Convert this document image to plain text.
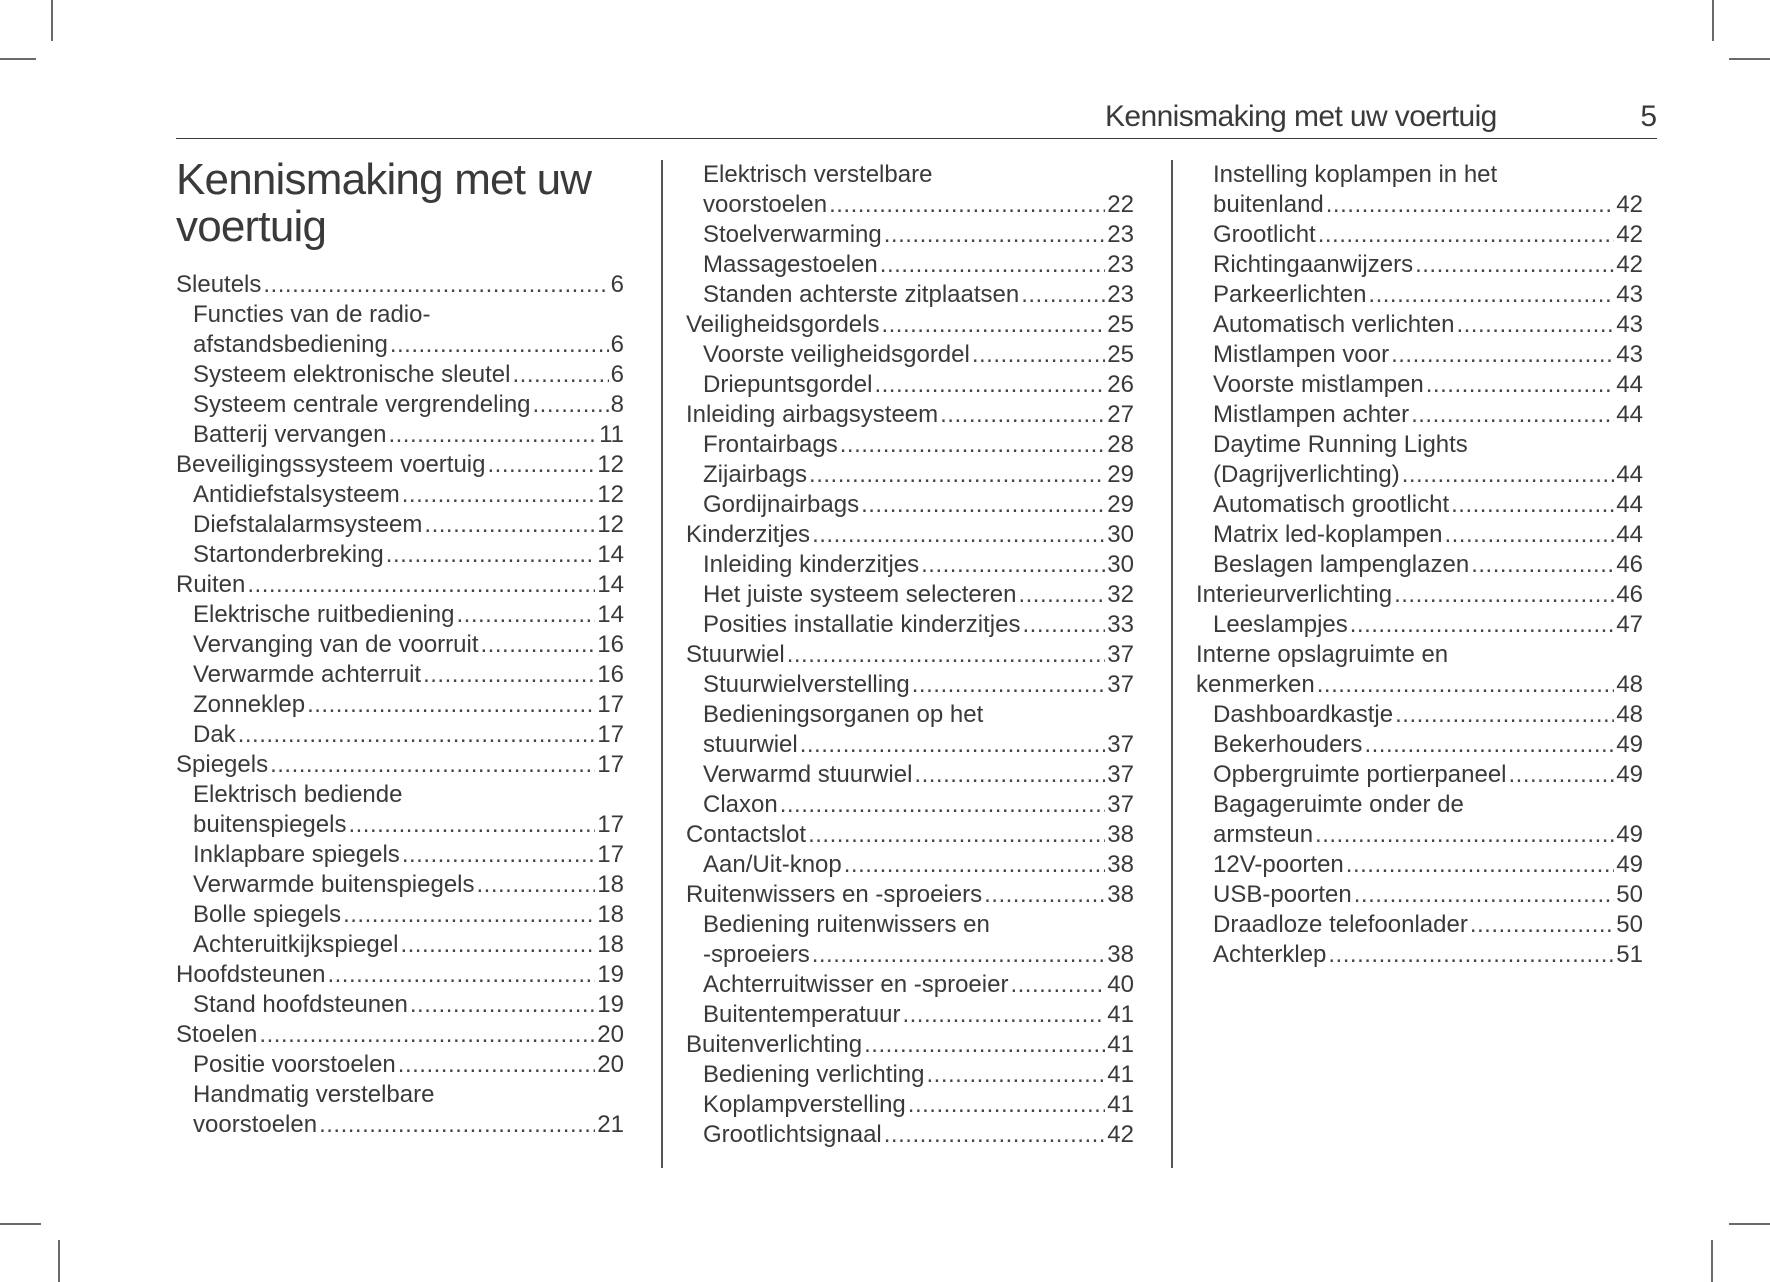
Kennismaking met uw voertuig	5
Kennismaking met uw voertuig
Sleutels .....	6
Functies van de radio-
afstandsbediening .....	6
Systeem elektronische sleutel .....	6
Systeem centrale vergrendeling .....	8
Batterij vervangen .....	11
Beveiligingssysteem voertuig .....	12
Antidiefstalsysteem .....	12
Diefstalalarmsysteem .....	12
Startonderbreking .....	14
Ruiten .....	14
Elektrische ruitbediening .....	14
Vervanging van de voorruit .....	16
Verwarmde achterruit .....	16
Zonneklep .....	17
Dak .....	17
Spiegels .....	17
Elektrisch bediende
buitenspiegels .....	17
Inklapbare spiegels .....	17
Verwarmde buitenspiegels .....	18
Bolle spiegels .....	18
Achteruitkijkspiegel .....	18
Hoofdsteunen .....	19
Stand hoofdsteunen .....	19
Stoelen .....	20
Positie voorstoelen .....	20
Handmatig verstelbare
voorstoelen .....	21
Elektrisch verstelbare
voorstoelen .....	22
Stoelverwarming .....	23
Massagestoelen .....	23
Standen achterste zitplaatsen .....	23
Veiligheidsgordels .....	25
Voorste veiligheidsgordel .....	25
Driepuntsgordel .....	26
Inleiding airbagsysteem .....	27
Frontairbags .....	28
Zijairbags .....	29
Gordijnairbags .....	29
Kinderzitjes .....	30
Inleiding kinderzitjes .....	30
Het juiste systeem selecteren .....	32
Posities installatie kinderzitjes .....	33
Stuurwiel .....	37
Stuurwielverstelling .....	37
Bedieningsorganen op het
stuurwiel .....	37
Verwarmd stuurwiel .....	37
Claxon .....	37
Contactslot .....	38
Aan/Uit-knop .....	38
Ruitenwissers en -sproeiers .....	38
Bediening ruitenwissers en
-sproeiers .....	38
Achterruitwisser en -sproeier .....	40
Buitentemperatuur .....	41
Buitenverlichting .....	41
Bediening verlichting .....	41
Koplampverstelling .....	41
Grootlichtsignaal .....	42
Instelling koplampen in het
buitenland .....	42
Grootlicht .....	42
Richtingaanwijzers .....	42
Parkeerlichten .....	43
Automatisch verlichten .....	43
Mistlampen voor .....	43
Voorste mistlampen .....	44
Mistlampen achter .....	44
Daytime Running Lights
(Dagrijverlichting) .....	44
Automatisch grootlicht .....	44
Matrix led-koplampen .....	44
Beslagen lampenglazen .....	46
Interieurverlichting .....	46
Leeslampjes .....	47
Interne opslagruimte en
kenmerken .....	48
Dashboardkastje .....	48
Bekerhouders .....	49
Opbergruimte portierpaneel .....	49
Bagageruimte onder de
armsteun .....	49
12V-poorten .....	49
USB-poorten .....	50
Draadloze telefoonlader .....	50
Achterklep .....	51
